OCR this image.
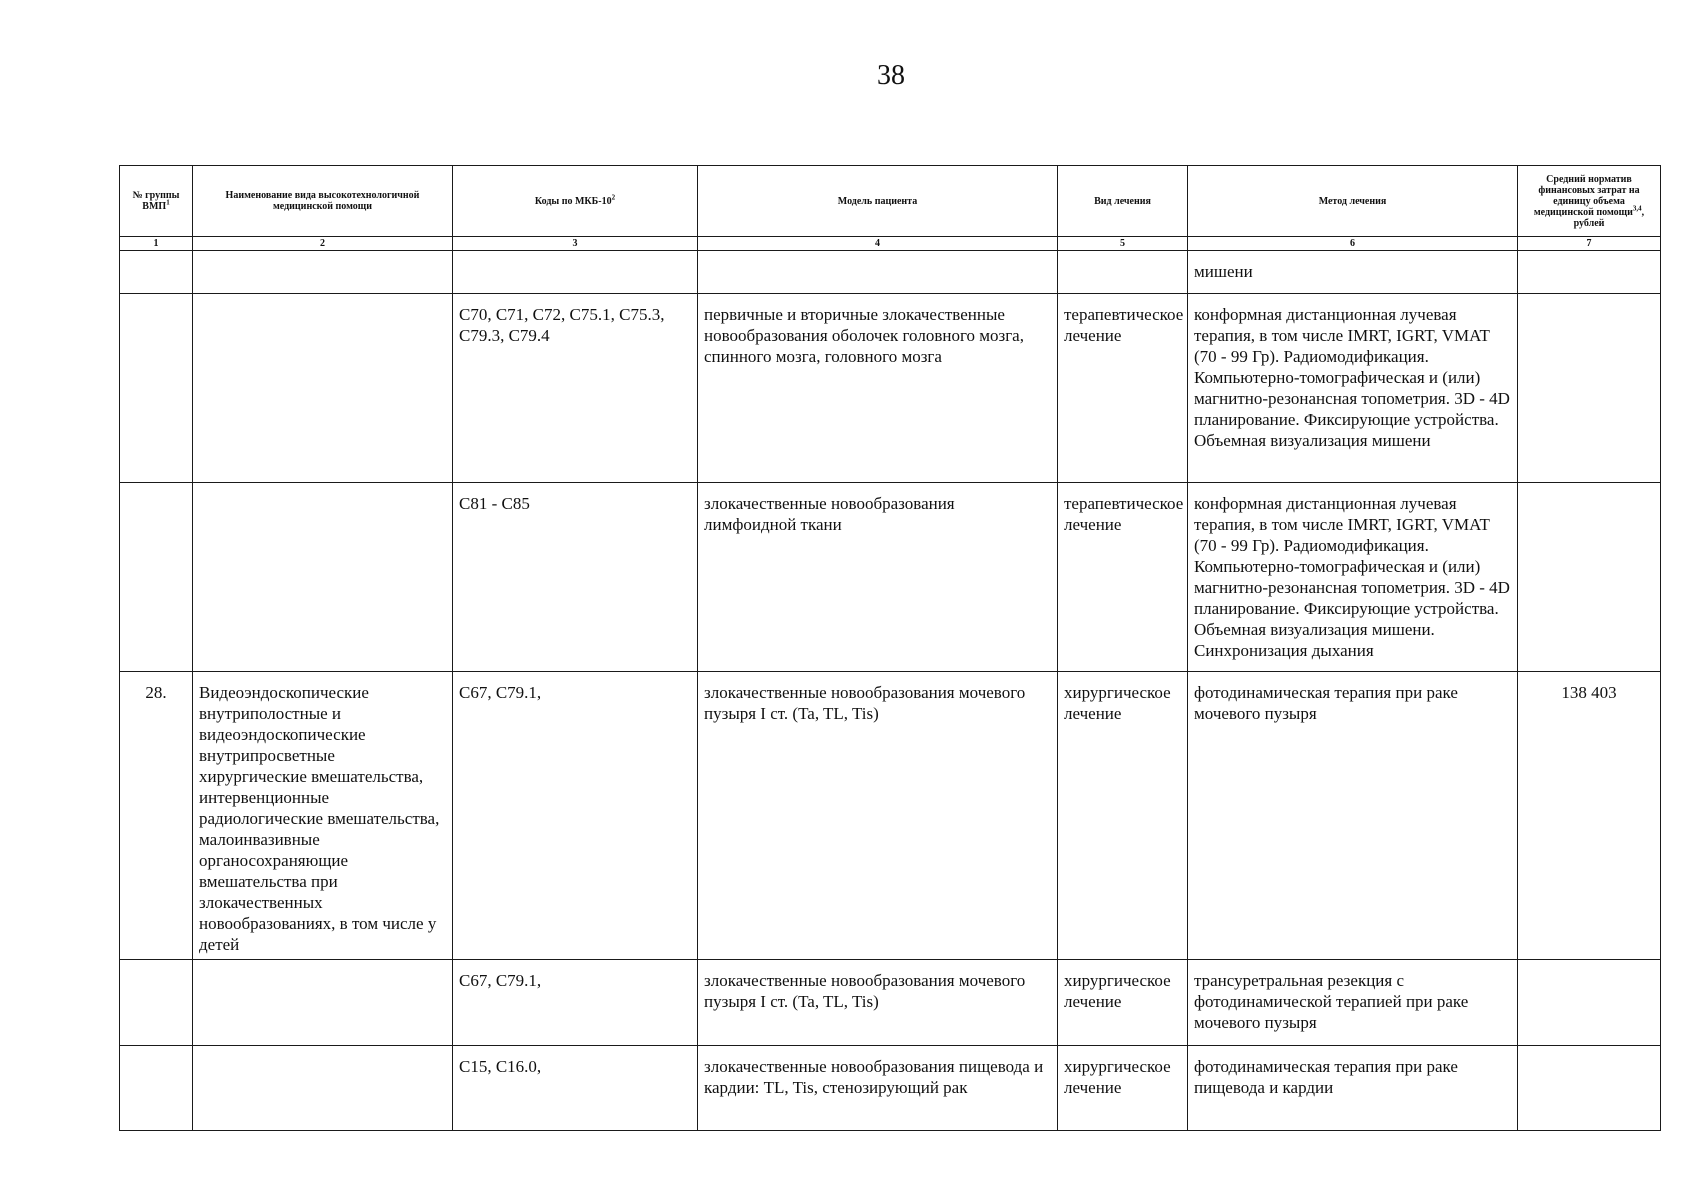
38
№ группы ВМП$^1$	Наименование вида высокотехнологичной медицинской помощи	Коды по МКБ-$10^2$	Модель пациента	Вид лечения	Метод лечения	Средний норматив финансовых затрат на единицу объема медицинской помощи$^{3,4}$, рублей
1	2	3	4	5	6	7
					мишени	
		C70, C71, C72, C75.1, C75.3, C79.3, C79.4	первичные и вторичные злокачественные новообразования оболочек головного мозга, спинного мозга, головного мозга	терапевтическое лечение	конформная дистанционная лучевая терапия, в том числе IMRT, IGRT, VMAT (70 - 99 Гр). Радиомодификация. Компьютерно-томографическая и (или) магнитно-резонансная топометрия. 3D - 4D планирование. Фиксирующие устройства. Объемная визуализация мишени	
		C81 - C85	злокачественные новообразования лимфоидной ткани	терапевтическое лечение	конформная дистанционная лучевая терапия, в том числе IMRT, IGRT, VMAT (70 - 99 Гр). Радиомодификация. Компьютерно-томографическая и (или) магнитно-резонансная топометрия. 3D - 4D планирование. Фиксирующие устройства. Объемная визуализация мишени. Синхронизация дыхания	
28.	Видеоэндоскопические внутриполостные и видеоэндоскопические внутрипросветные хирургические вмешательства, интервенционные радиологические вмешательства, малоинвазивные органосохраняющие вмешательства при злокачественных новообразованиях, в том числе у детей	C67, C79.1,	злокачественные новообразования мочевого пузыря I ст. (Ta, TL, Tis)	хирургическое лечение	фотодинамическая терапия при раке мочевого пузыря	138 403
		C67, C79.1,	злокачественные новообразования мочевого пузыря I ст. (Ta, TL, Tis)	хирургическое лечение	трансуретральная резекция с фотодинамической терапией при раке мочевого пузыря	
		C15, C16.0,	злокачественные новообразования пищевода и кардии: TL, Tis, стенозирующий рак	хирургическое лечение	фотодинамическая терапия при раке пищевода и кардии	
